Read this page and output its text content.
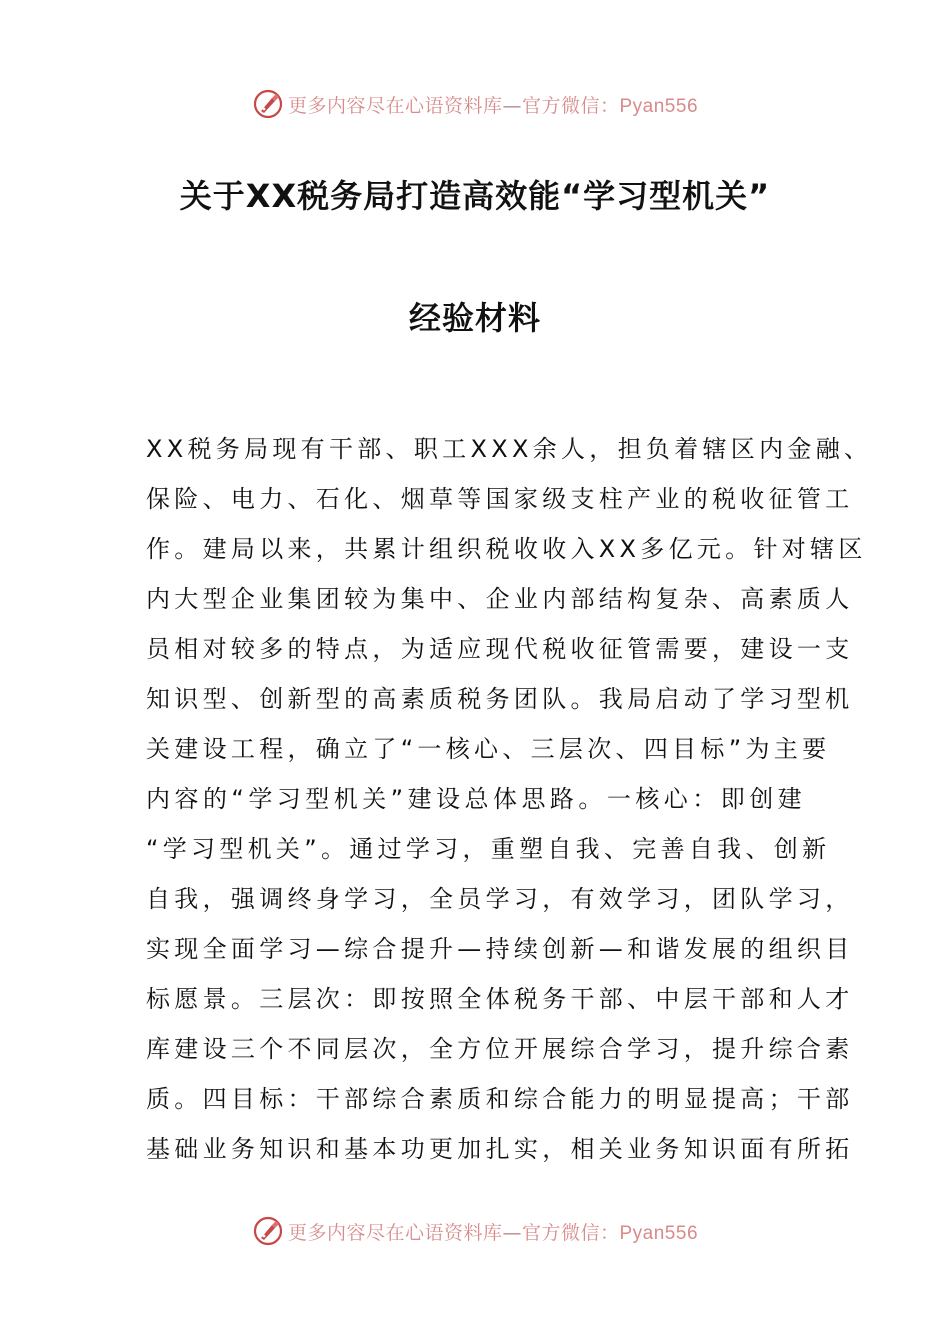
更多内容尽在心语资料库—官方微信：Pyan556
关于XX税务局打造高效能“学习型机关”
经验材料
XX税务局现有干部、职工XXX余人，担负着辖区内金融、
保险、电力、石化、烟草等国家级支柱产业的税收征管工
作。建局以来，共累计组织税收收入XX多亿元。针对辖区
内大型企业集团较为集中、企业内部结构复杂、高素质人
员相对较多的特点，为适应现代税收征管需要，建设一支
知识型、创新型的高素质税务团队。我局启动了学习型机
关建设工程，确立了“一核心、三层次、四目标”为主要
内容的“学习型机关”建设总体思路。一核心：即创建
“学习型机关”。通过学习，重塑自我、完善自我、创新
自我，强调终身学习，全员学习，有效学习，团队学习，
实现全面学习—综合提升—持续创新—和谐发展的组织目
标愿景。三层次：即按照全体税务干部、中层干部和人才
库建设三个不同层次，全方位开展综合学习，提升综合素
质。四目标：干部综合素质和综合能力的明显提高；干部
基础业务知识和基本功更加扎实，相关业务知识面有所拓
更多内容尽在心语资料库—官方微信：Pyan556
